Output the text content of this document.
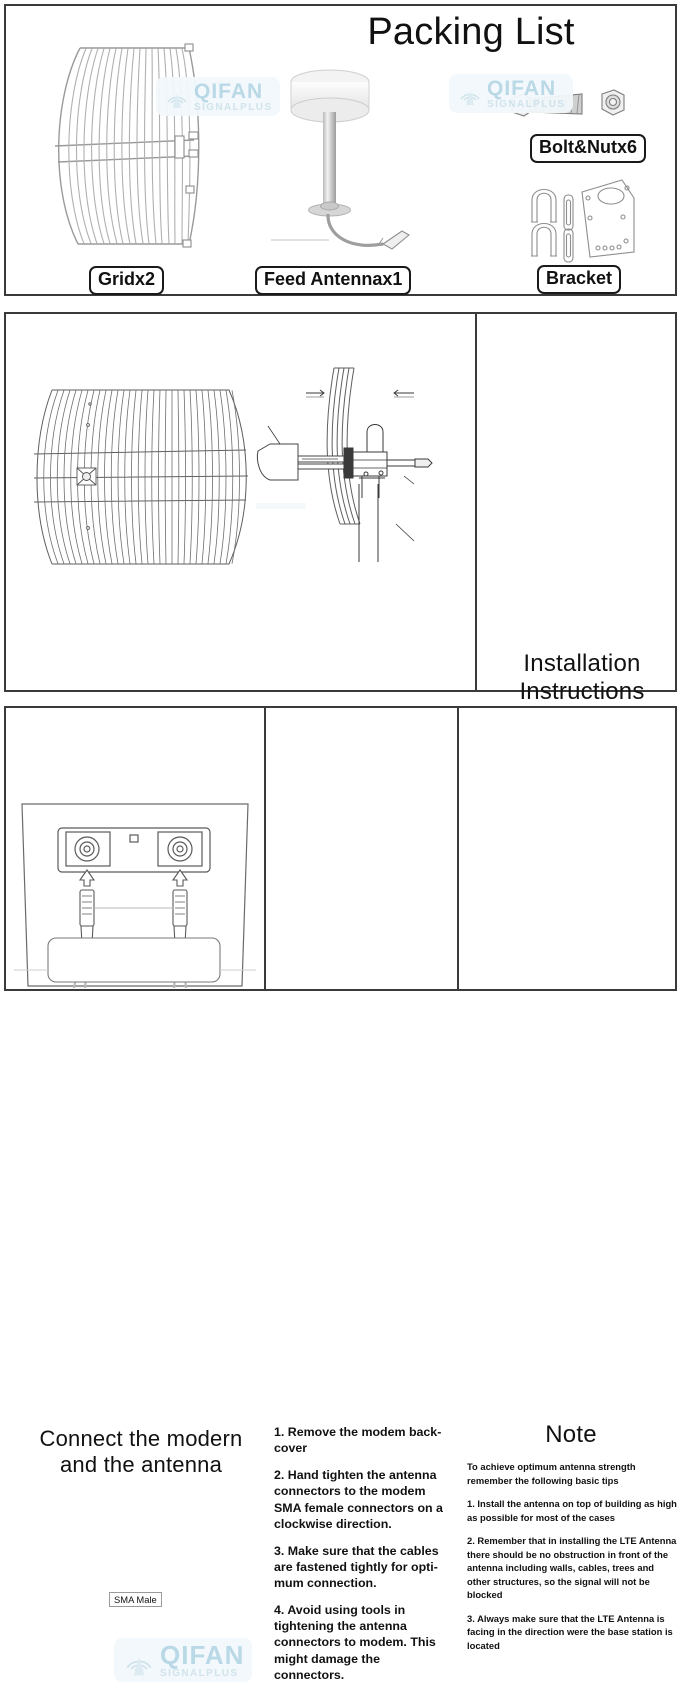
QIFAN
SIGNALPLUS
QIFAN
SIGNALPLUS
Packing List
Gridx2	Feed Antennax1
Bolt&Nutx6
Bracket
Installation
Instructions

QIFAN
SIGNALPLUS
SMA Male
Connect the modern
and the antenna

1. Remove the modem back-cover

2. Hand tighten the antenna connectors to the modem SMA female connectors on a clockwise direction.

3. Make sure that the cables are fastened tightly for opti-mum connection.

4. Avoid using tools in tightening the antenna connectors to modem. This might damage the connectors.

Note

To achieve optimum antenna strength remember the following basic tips

1. Install the antenna on top of building as high as possible for most of the cases

2. Remember that in installing the LTE Antenna there should be no obstruction in front of the antenna including walls, cables, trees and other structures, so the signal will not be blocked

3. Always make sure that the LTE Antenna is facing in the direction were the base station is located
